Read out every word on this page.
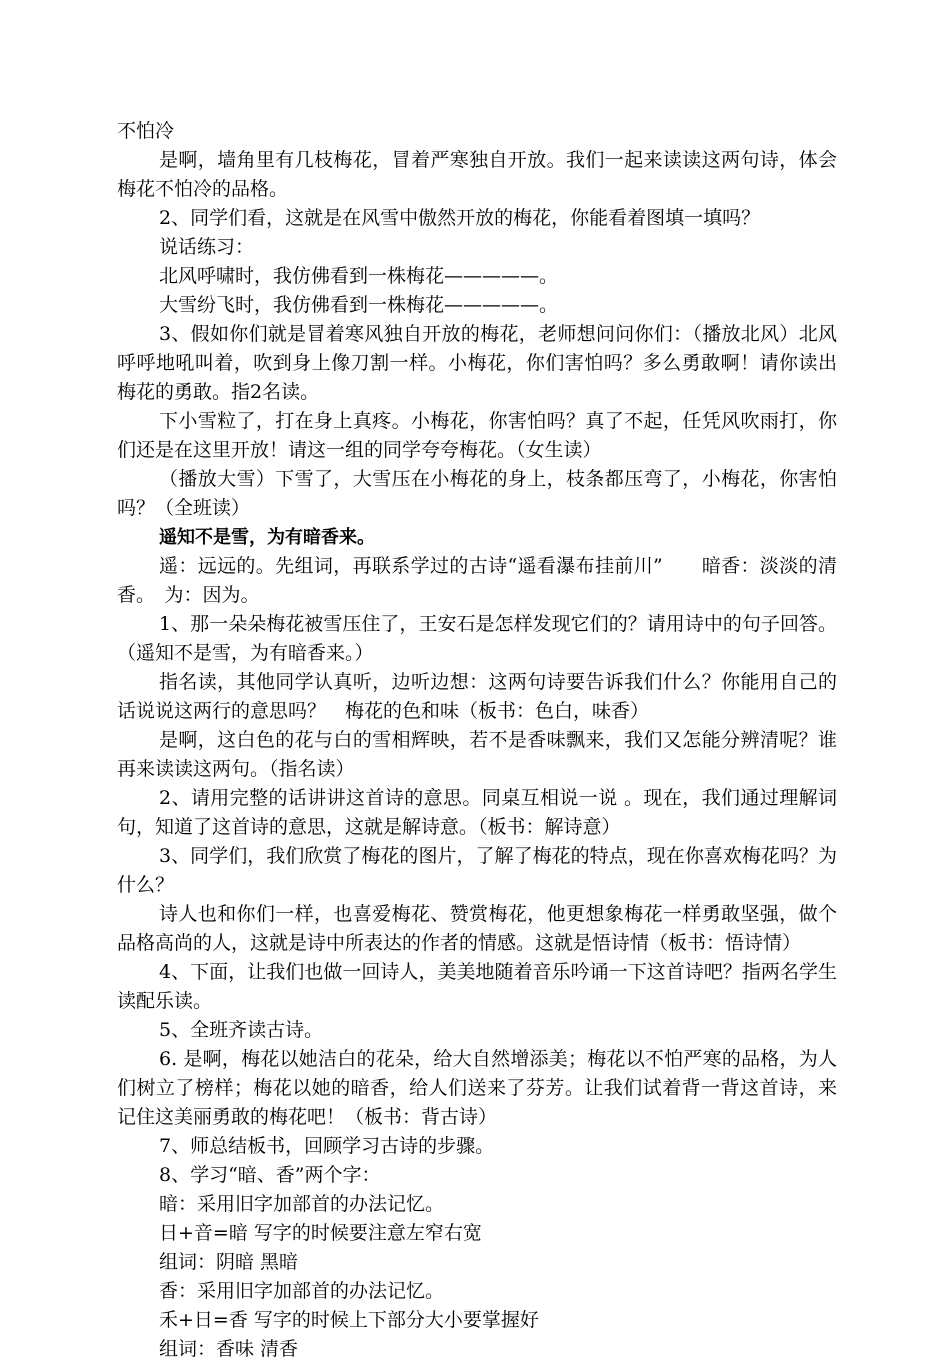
不怕冷

是啊，墙角里有几枝梅花，冒着严寒独自开放。我们一起来读读这两句诗，体会梅花不怕冷的品格。

2、同学们看，这就是在风雪中傲然开放的梅花，你能看着图填一填吗？

说话练习：

北风呼啸时，我仿佛看到一株梅花—————。

大雪纷飞时，我仿佛看到一株梅花—————。

3、假如你们就是冒着寒风独自开放的梅花，老师想问问你们：（播放北风）北风呼呼地吼叫着，吹到身上像刀割一样。小梅花，你们害怕吗？多么勇敢啊！请你读出梅花的勇敢。指2名读。

下小雪粒了，打在身上真疼。小梅花，你害怕吗？真了不起，任凭风吹雨打，你们还是在这里开放！请这一组的同学夸夸梅花。（女生读）

（播放大雪）下雪了，大雪压在小梅花的身上，枝条都压弯了，小梅花，你害怕吗？（全班读）

遥知不是雪，为有暗香来。

遥：远远的。先组词，再联系学过的古诗“遥看瀑布挂前川”　　暗香：淡淡的清香。　为：因为。

1、那一朵朵梅花被雪压住了，王安石是怎样发现它们的？请用诗中的句子回答。（遥知不是雪，为有暗香来。）

指名读，其他同学认真听，边听边想：这两句诗要告诉我们什么？你能用自己的话说说这两行的意思吗？　梅花的色和味（板书：色白，味香）

是啊，这白色的花与白的雪相辉映，若不是香味飘来，我们又怎能分辨清呢？谁再来读读这两句。（指名读）

2、请用完整的话讲讲这首诗的意思。同桌互相说一说 。现在，我们通过理解词句，知道了这首诗的意思，这就是解诗意。（板书：解诗意）

3、同学们，我们欣赏了梅花的图片，了解了梅花的特点，现在你喜欢梅花吗？为什么？

诗人也和你们一样，也喜爱梅花、赞赏梅花，他更想象梅花一样勇敢坚强，做个品格高尚的人，这就是诗中所表达的作者的情感。这就是悟诗情（板书：悟诗情）

4、下面，让我们也做一回诗人，美美地随着音乐吟诵一下这首诗吧？指两名学生读配乐读。

5、全班齐读古诗。

6. 是啊，梅花以她洁白的花朵，给大自然增添美；梅花以不怕严寒的品格，为人们树立了榜样；梅花以她的暗香，给人们送来了芬芳。让我们试着背一背这首诗，来记住这美丽勇敢的梅花吧！（板书：背古诗）

7、师总结板书，回顾学习古诗的步骤。

8、学习“暗、香”两个字：

暗：采用旧字加部首的办法记忆。

日+音=暗 写字的时候要注意左窄右宽

组词：阴暗 黑暗

香：采用旧字加部首的办法记忆。

禾+日=香 写字的时候上下部分大小要掌握好

组词：香味 清香
